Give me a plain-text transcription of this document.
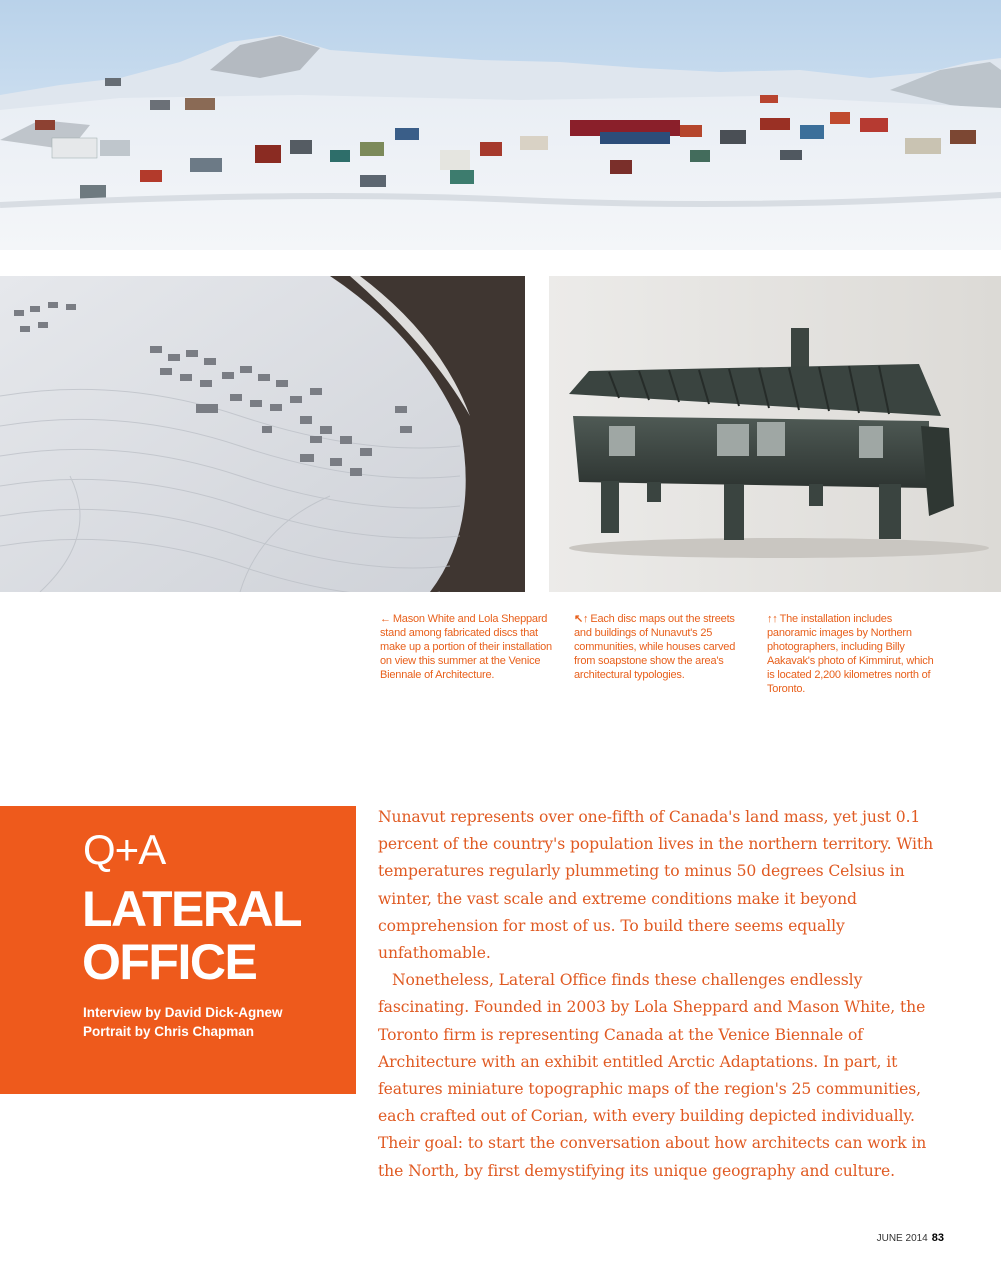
← Mason White and Lola Sheppard stand among fabricated discs that make up a portion of their installation on view this summer at the Venice Biennale of Architecture.
↖↑ Each disc maps out the streets and buildings of Nunavut's 25 communities, while houses carved from soapstone show the area's architectural typologies.
↑↑ The installation includes panoramic images by Northern photographers, including Billy Aakavak's photo of Kimmirut, which is located 2,200 kilometres north of Toronto.
Q+A
LATERAL
OFFICE
Interview by David Dick-Agnew
Portrait by Chris Chapman

Nunavut represents over one-fifth of Canada's land mass, yet just 0.1 percent of the country's population lives in the northern territory. With temperatures regularly plummeting to minus 50 degrees Celsius in winter, the vast scale and extreme conditions make it beyond comprehension for most of us. To build there seems equally unfathomable.

Nonetheless, Lateral Office finds these challenges endlessly fascinating. Founded in 2003 by Lola Sheppard and Mason White, the Toronto firm is representing Canada at the Venice Biennale of Architecture with an exhibit entitled Arctic Adaptations. In part, it features miniature topographic maps of the region's 25 communities, each crafted out of Corian, with every building depicted individually. Their goal: to start the conversation about how architects can work in the North, by first demystifying its unique geography and culture.

JUNE 2014 83
